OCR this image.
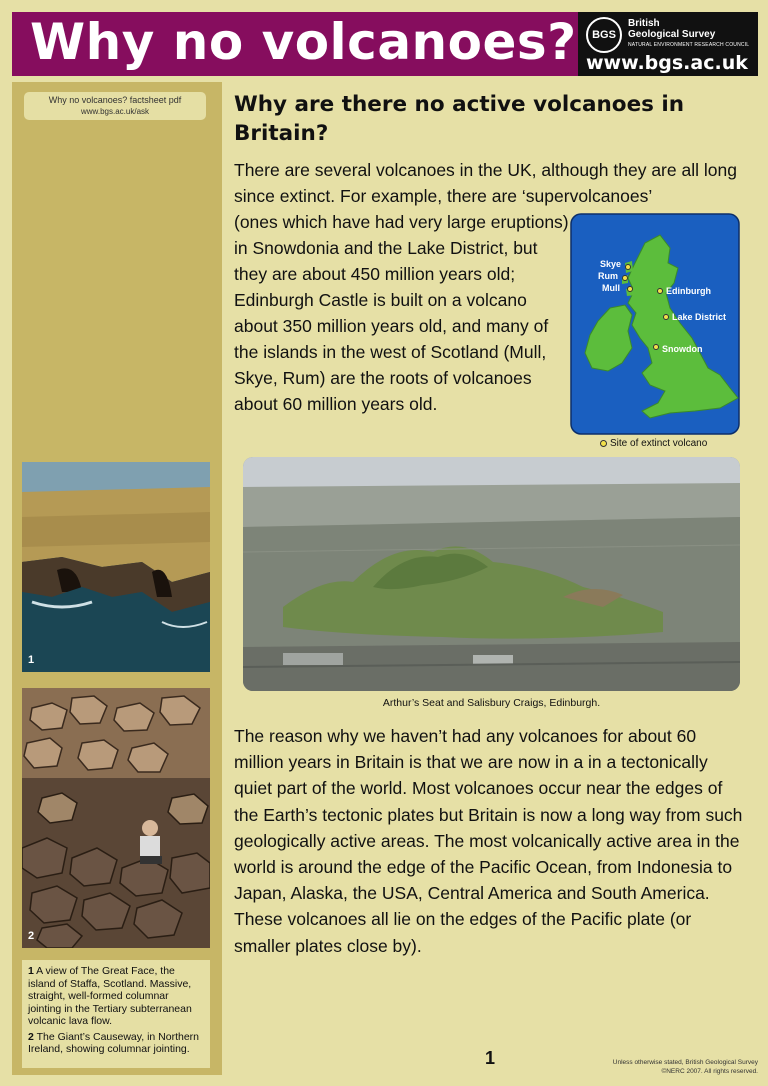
Why no volcanoes?	BGS
British
Geological Survey
NATURAL ENVIRONMENT RESEARCH COUNCIL
www.bgs.ac.uk
Why no volcanoes? factsheet pdf
www.bgs.ac.uk/ask
1
2

1 A view of The Great Face, the island of Staffa, Scotland. Massive, straight, well-formed columnar jointing in the Tertiary subterranean volcanic lava flow.

2 The Giant’s Causeway, in Northern Ireland, showing columnar jointing.

Why are there no active volcanoes in Britain?
There are several volcanoes in the UK, although they are all long since extinct. For example, there are ‘supervolcanoes’
(ones which have had very large eruptions) in Snowdonia and the Lake District, but they are about 450 million years old; Edinburgh Castle is built on a volcano about 350 million years old, and many of the islands in the west of Scotland (Mull, Skye, Rum) are the roots of volcanoes about 60 million years old.
Skye
Rum
Mull	Edinburgh
Lake District
Snowdon
Site of extinct volcano
Arthur’s Seat and Salisbury Craigs, Edinburgh.
The reason why we haven’t had any volcanoes for about 60 million years in Britain is that we are now in a in a tectonically quiet part of the world. Most volcanoes occur near the edges of the Earth’s tectonic plates but Britain is now a long way from such geologically active areas. The most volcanically active area in the world is around the edge of the Pacific Ocean, from Indonesia to Japan, Alaska, the USA, Central America and South America. These volcanoes all lie on the edges of the Pacific plate (or smaller plates close by).
1	Unless otherwise stated, British Geological Survey
©NERC 2007. All rights reserved.
